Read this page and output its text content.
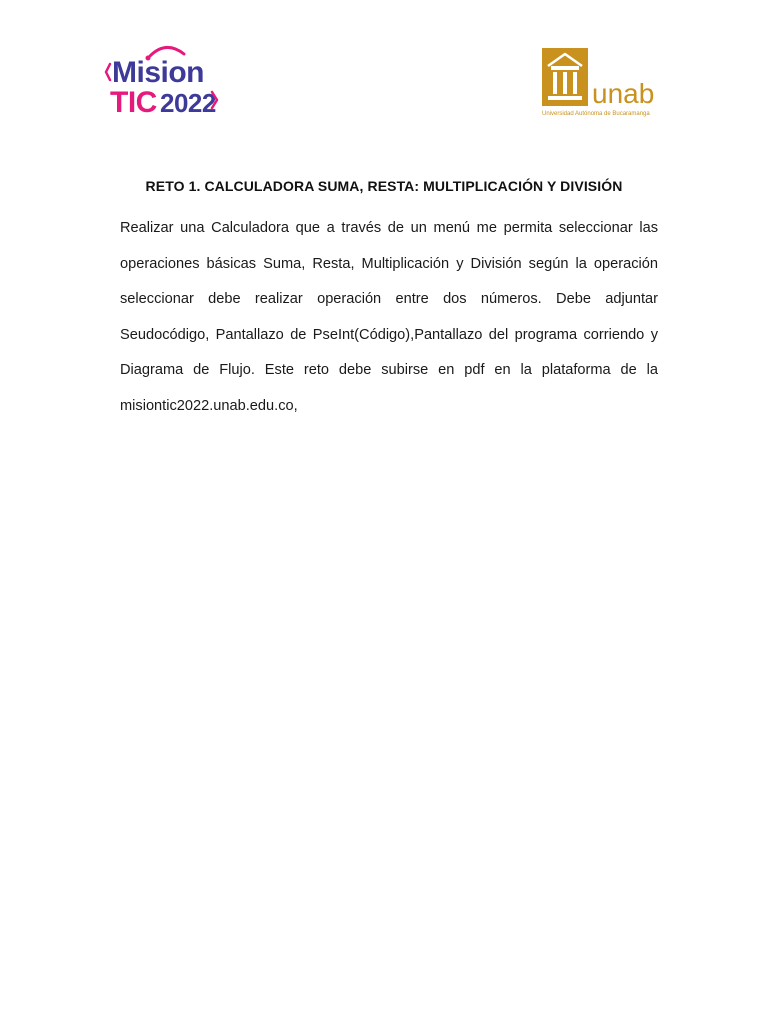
Mision
TIC 2022	unab
Universidad Autónoma de Bucaramanga
RETO 1. CALCULADORA SUMA, RESTA: MULTIPLICACIÓN Y DIVISIÓN

Realizar una Calculadora que a través de un menú me permita seleccionar las operaciones básicas Suma, Resta, Multiplicación y División según la operación seleccionar debe realizar operación entre dos números. Debe adjuntar Seudocódigo, Pantallazo de PseInt(Código),Pantallazo del programa corriendo y Diagrama de Flujo. Este reto debe subirse en pdf en la plataforma de la misiontic2022.unab.edu.co,
